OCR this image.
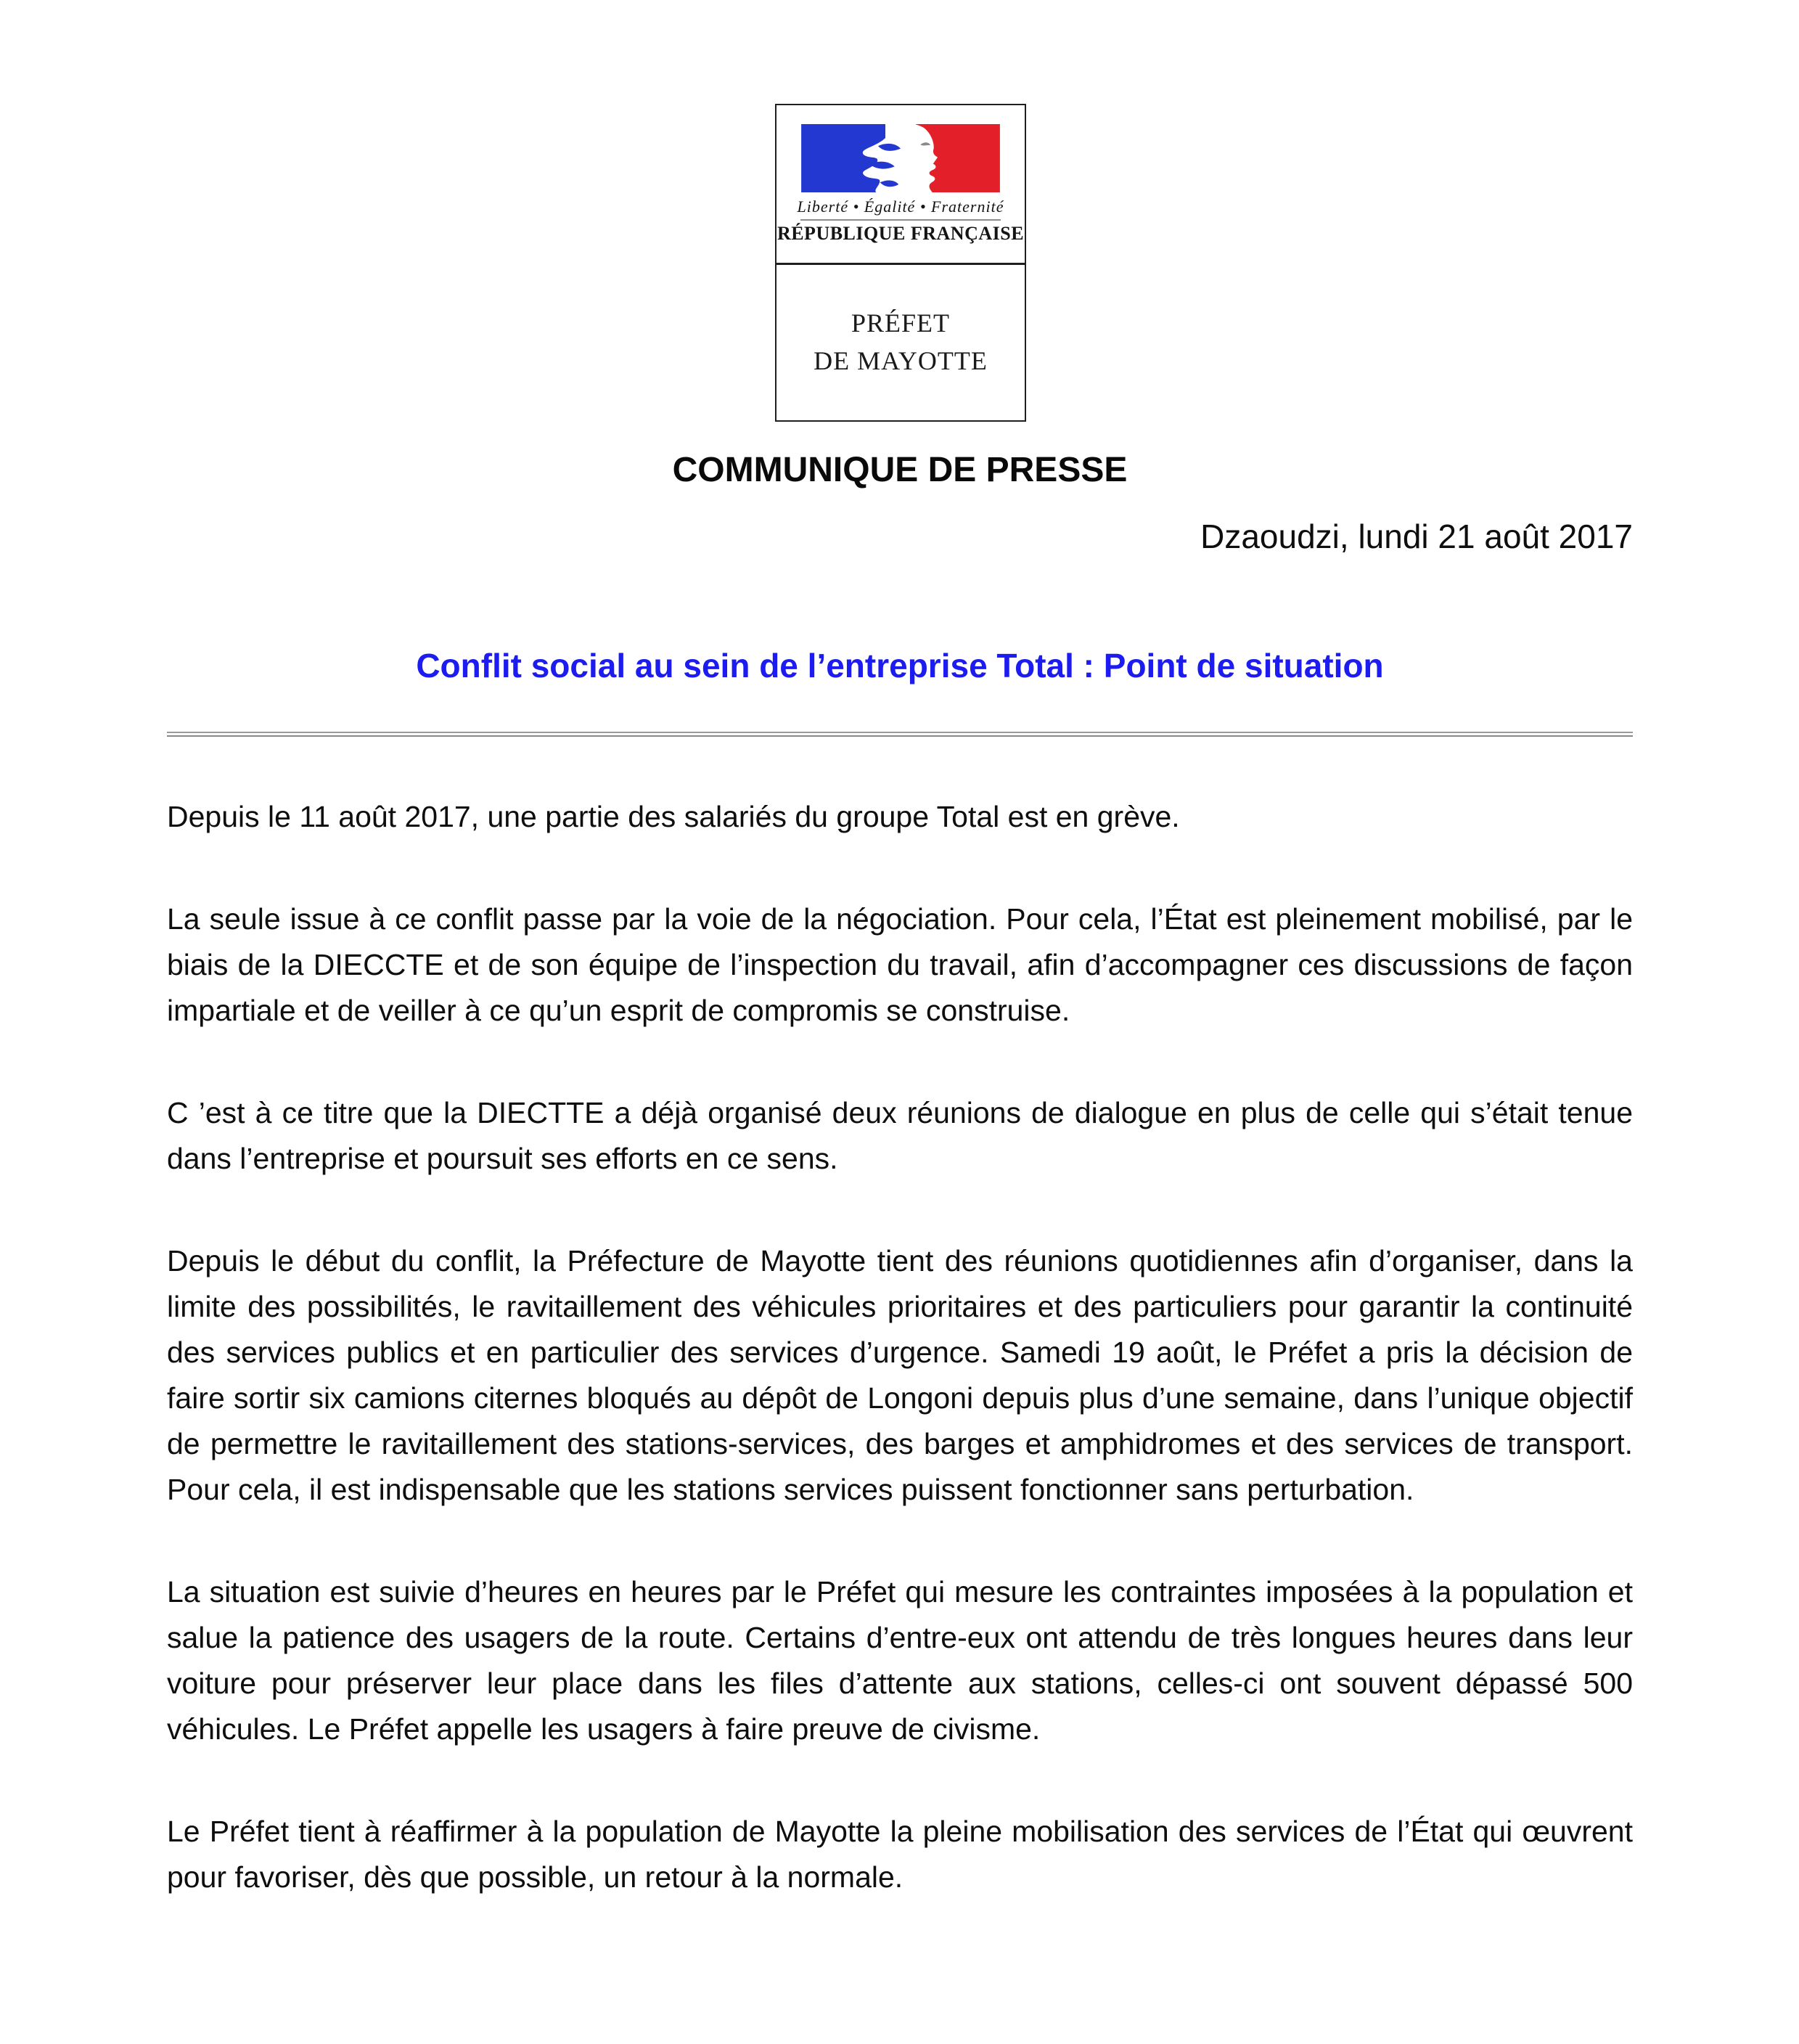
Liberté • Égalité • Fraternité
RÉPUBLIQUE FRANÇAISE
PRÉFET
DE MAYOTTE
COMMUNIQUE DE PRESSE
Dzaoudzi, lundi 21 août 2017
Conflit social au sein de l’entreprise Total : Point de situation

Depuis le 11 août 2017, une partie des salariés du groupe Total est en grève.

La seule issue à ce conflit passe par la voie de la négociation. Pour cela, l’État est pleinement mobilisé, par le biais de la DIECCTE et de son équipe de l’inspection du travail, afin d’accompagner ces discussions de façon impartiale et de veiller à ce qu’un esprit de compromis se construise.

C ’est à ce titre que la DIECTTE a déjà organisé deux réunions de dialogue en plus de celle qui s’était tenue dans l’entreprise et poursuit ses efforts en ce sens.

Depuis le début du conflit, la Préfecture de Mayotte tient des réunions quotidiennes afin d’organiser, dans la limite des possibilités, le ravitaillement des véhicules prioritaires et des particuliers pour garantir la continuité des services publics et en particulier des services d’urgence. Samedi 19 août, le Préfet a pris la décision de faire sortir six camions citernes bloqués au dépôt de Longoni depuis plus d’une semaine, dans l’unique objectif de permettre le ravitaillement des stations-services, des barges et amphidromes et des services de transport. Pour cela, il est indispensable que les stations services puissent fonctionner sans perturbation.

La situation est suivie d’heures en heures par le Préfet qui mesure les contraintes imposées à la population et salue la patience des usagers de la route. Certains d’entre-eux ont attendu de très longues heures dans leur voiture pour préserver leur place dans les files d’attente aux stations, celles-ci ont souvent dépassé 500 véhicules. Le Préfet appelle les usagers à faire preuve de civisme.

Le Préfet tient à réaffirmer à la population de Mayotte la pleine mobilisation des services de l’État qui œuvrent pour favoriser, dès que possible, un retour à la normale.
